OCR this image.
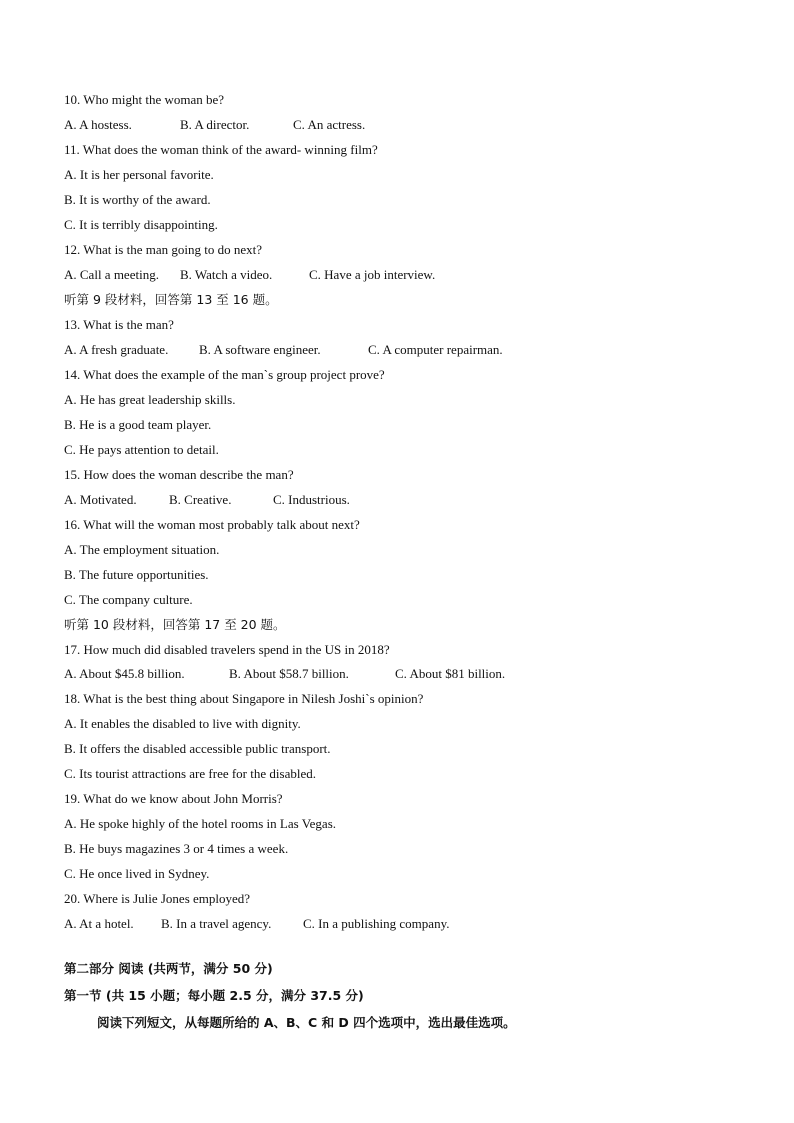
10. Who might the woman be?
A. A hostess.	B. A director.	C. An actress.
11. What does the woman think of the award- winning film?
A. It is her personal favorite.
B. It is worthy of the award.
C. It is terribly disappointing.
12. What is the man going to do next?
A. Call a meeting. B. Watch a video.	C. Have a job interview.
听第 9 段材料，回答第 13 至 16 题。
13. What is the man?
A. A fresh graduate. B. A software engineer.	C. A computer repairman.
14. What does the example of the man`s group project prove?
A. He has great leadership skills.
B. He is a good team player.
C. He pays attention to detail.
15. How does the woman describe the man?
A. Motivated. B. Creative.	C. Industrious.
16. What will the woman most probably talk about next?
A. The employment situation.
B. The future opportunities.
C. The company culture.
听第 10 段材料，回答第 17 至 20 题。
17. How much did disabled travelers spend in the US in 2018?
A. About $45.8 billion.	B. About $58.7 billion.	C. About $81 billion.
18. What is the best thing about Singapore in Nilesh Joshi`s opinion?
A. It enables the disabled to live with dignity.
B. It offers the disabled accessible public transport.
C. Its tourist attractions are free for the disabled.
19. What do we know about John Morris?
A. He spoke highly of the hotel rooms in Las Vegas.
B. He buys magazines 3 or 4 times a week.
C. He once lived in Sydney.
20. Where is Julie Jones employed?
A. At a hotel. B. In a travel agency. C. In a publishing company.
第二部分 阅读 (共两节，满分 50 分)
第一节 (共 15 小题；每小题 2.5 分，满分 37.5 分)
阅读下列短文，从每题所给的 A、B、C 和 D 四个选项中，选出最佳选项。
